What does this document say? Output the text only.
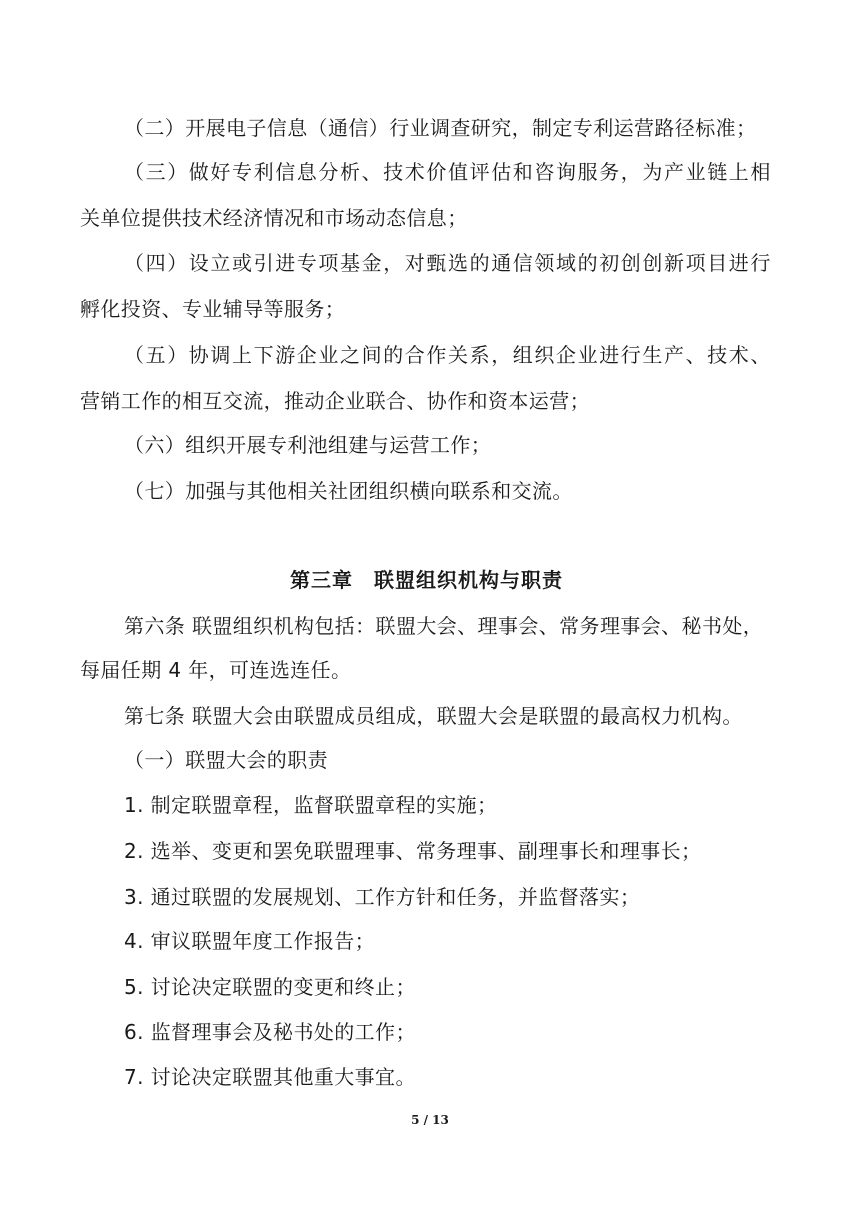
（二）开展电子信息（通信）行业调查研究，制定专利运营路径标准；
（三）做好专利信息分析、技术价值评估和咨询服务，为产业链上相
关单位提供技术经济情况和市场动态信息；
（四）设立或引进专项基金，对甄选的通信领域的初创创新项目进行
孵化投资、专业辅导等服务；
（五）协调上下游企业之间的合作关系，组织企业进行生产、技术、
营销工作的相互交流，推动企业联合、协作和资本运营；
（六）组织开展专利池组建与运营工作；
（七）加强与其他相关社团组织横向联系和交流。
第三章　联盟组织机构与职责
第六条 联盟组织机构包括：联盟大会、理事会、常务理事会、秘书处，
每届任期 4 年，可连选连任。
第七条 联盟大会由联盟成员组成，联盟大会是联盟的最高权力机构。
（一）联盟大会的职责
1. 制定联盟章程，监督联盟章程的实施；
2. 选举、变更和罢免联盟理事、常务理事、副理事长和理事长；
3. 通过联盟的发展规划、工作方针和任务，并监督落实；
4. 审议联盟年度工作报告；
5. 讨论决定联盟的变更和终止；
6. 监督理事会及秘书处的工作；
7. 讨论决定联盟其他重大事宜。
5 / 13
